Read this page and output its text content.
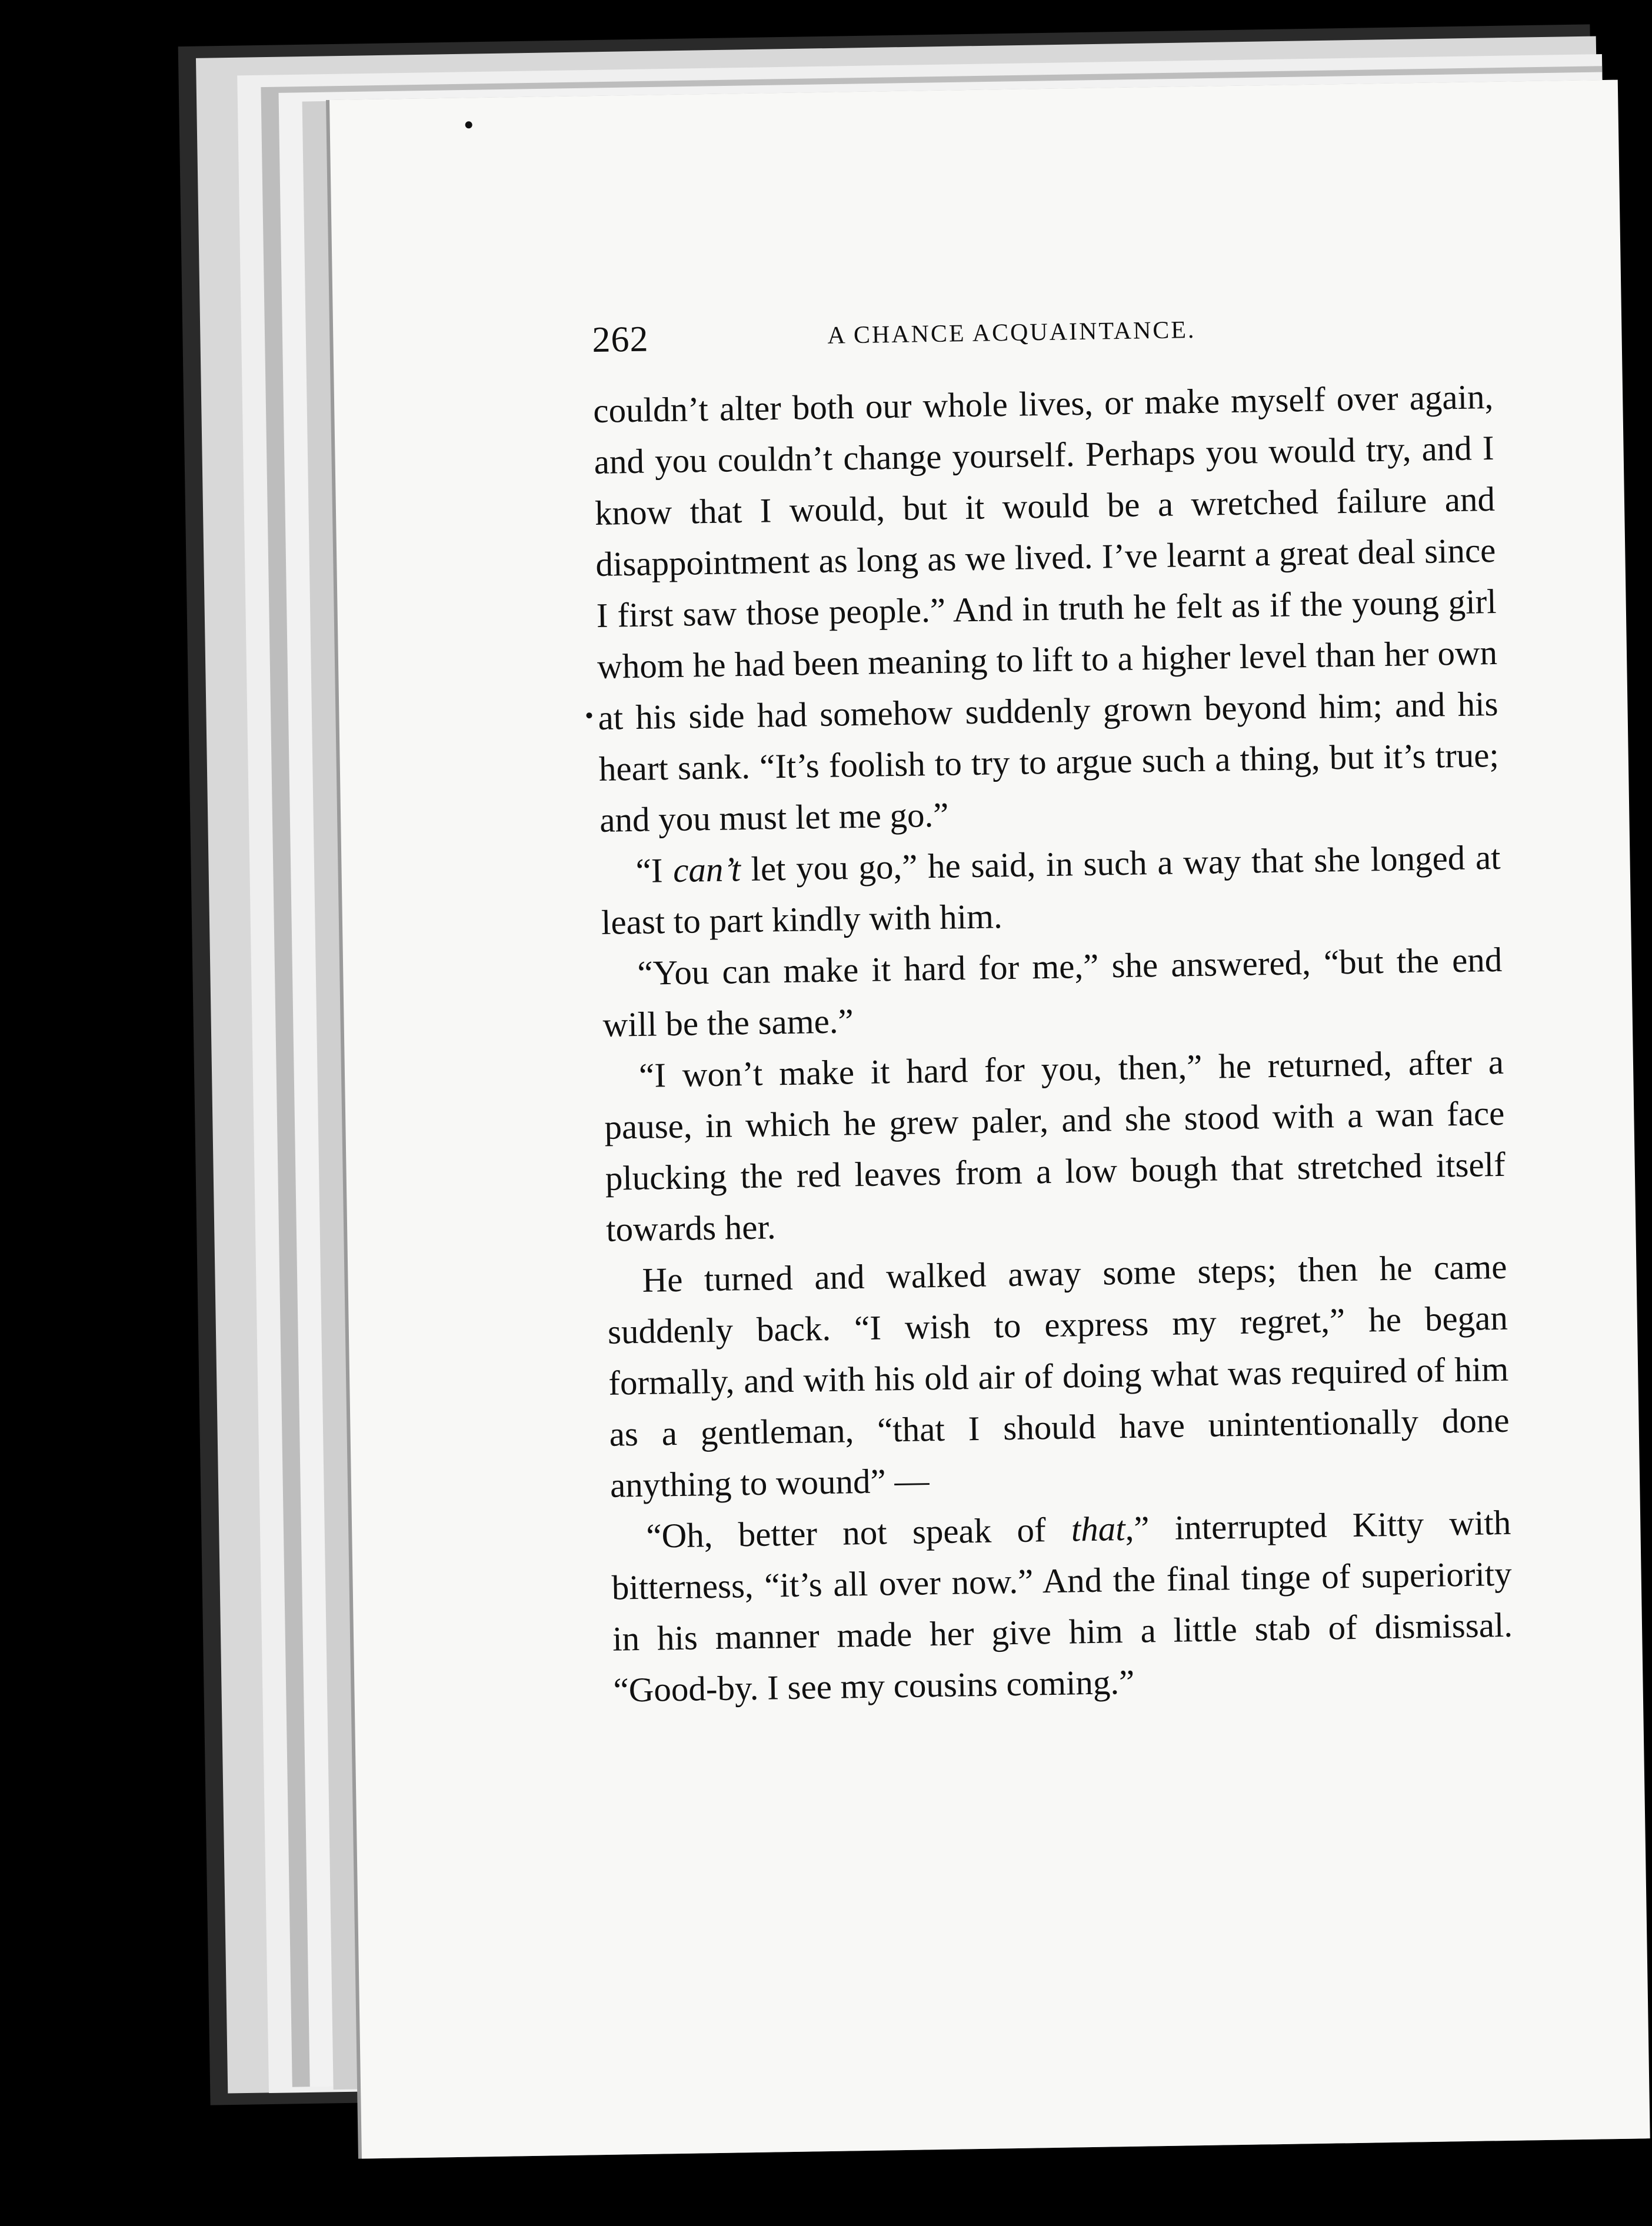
262	A CHANCE ACQUAINTANCE.

couldn’t alter both our whole lives, or make myself over again, and you couldn’t change yourself. Perhaps you would try, and I know that I would, but it would be a wretched failure and disappointment as long as we lived. I’ve learnt a great deal since I first saw those people.” And in truth he felt as if the young girl whom he had been meaning to lift to a higher level than her own at his side had somehow suddenly grown beyond him; and his heart sank. “It’s foolish to try to argue such a thing, but it’s true; and you must let me go.”

“I can’t let you go,” he said, in such a way that she longed at least to part kindly with him.

“You can make it hard for me,” she answered, “but the end will be the same.”

“I won’t make it hard for you, then,” he returned, after a pause, in which he grew paler, and she stood with a wan face plucking the red leaves from a low bough that stretched itself towards her.

He turned and walked away some steps; then he came suddenly back. “I wish to express my regret,” he began formally, and with his old air of doing what was required of him as a gentleman, “that I should have unintentionally done anything to wound” —

“Oh, better not speak of that,” interrupted Kitty with bitterness, “it’s all over now.” And the final tinge of superiority in his manner made her give him a little stab of dismissal. “Good-by. I see my cousins coming.”
